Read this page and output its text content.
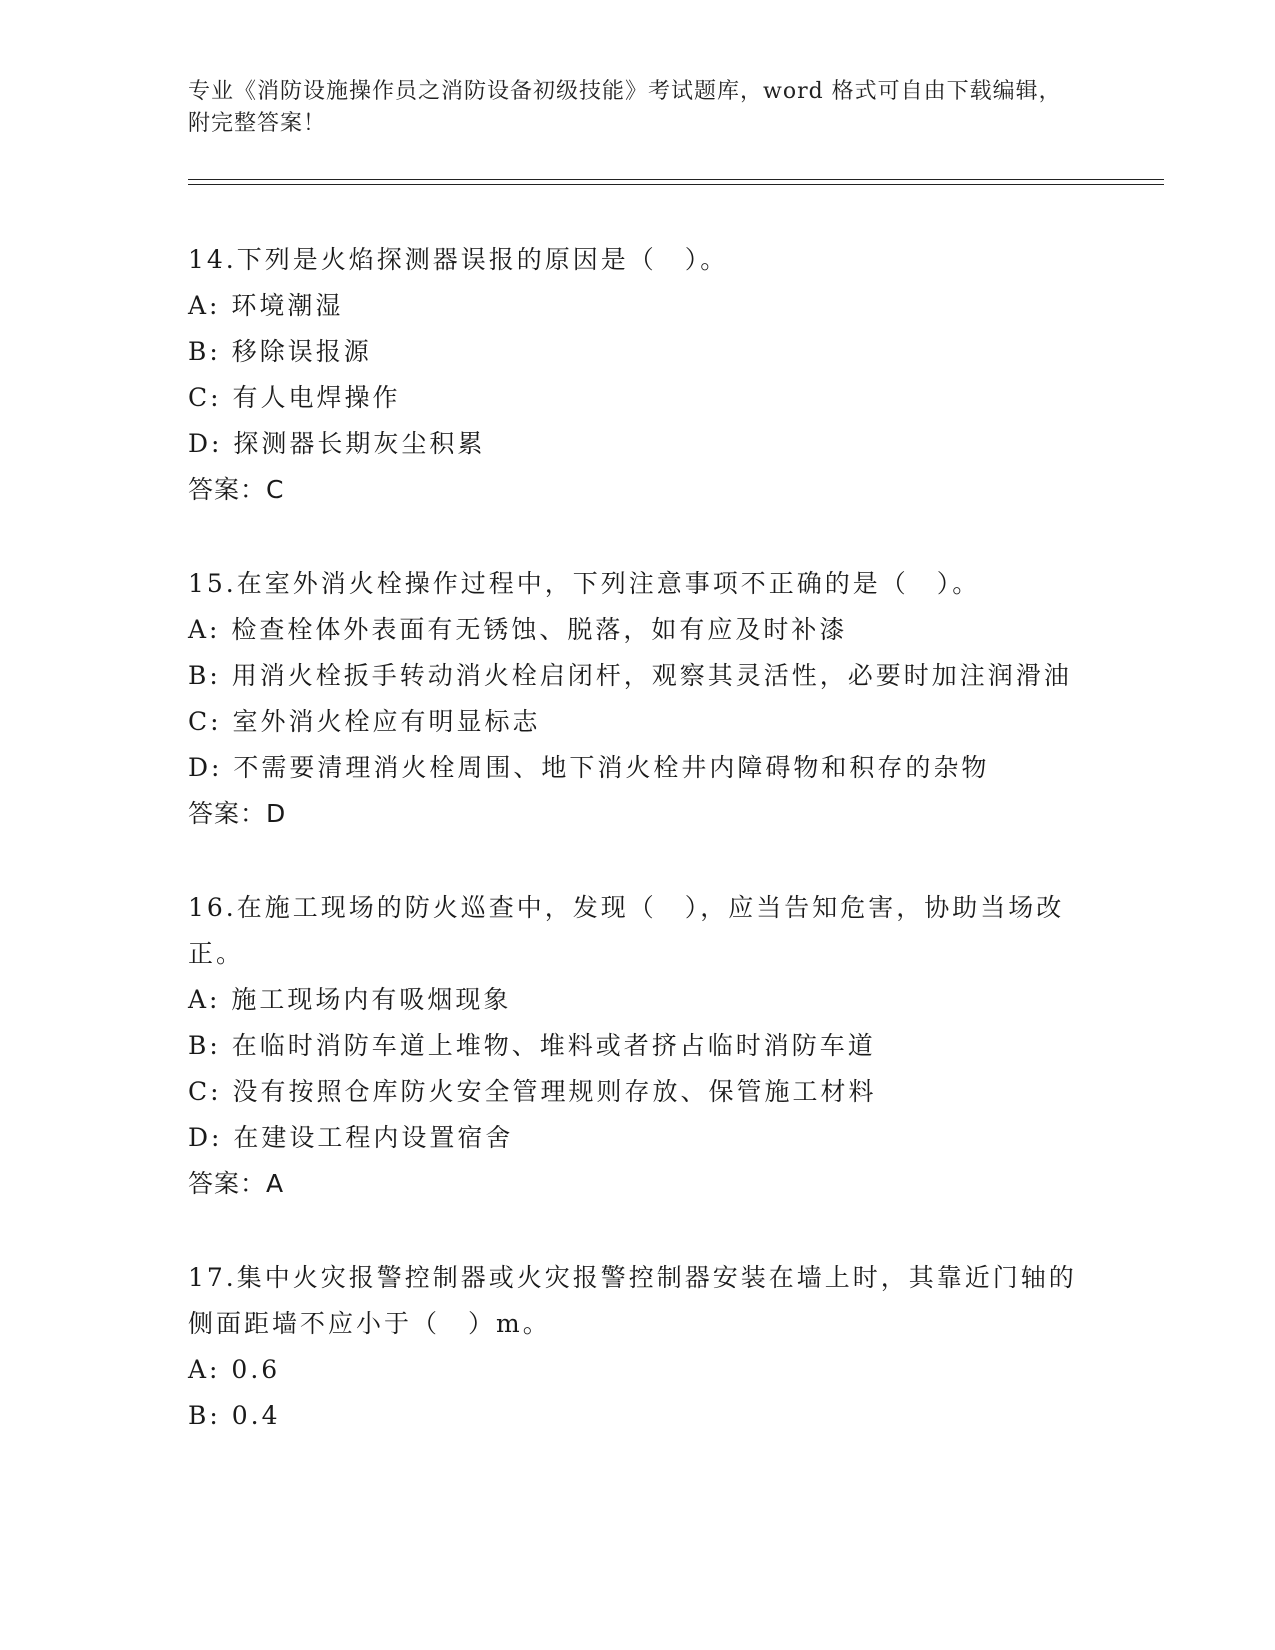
专业《消防设施操作员之消防设备初级技能》考试题库，word 格式可自由下载编辑，附完整答案！

14.下列是火焰探测器误报的原因是（　）。

A: 环境潮湿

B: 移除误报源

C: 有人电焊操作

D: 探测器长期灰尘积累

答案：C

15.在室外消火栓操作过程中，下列注意事项不正确的是（　）。

A: 检查栓体外表面有无锈蚀、脱落，如有应及时补漆

B: 用消火栓扳手转动消火栓启闭杆，观察其灵活性，必要时加注润滑油

C: 室外消火栓应有明显标志

D: 不需要清理消火栓周围、地下消火栓井内障碍物和积存的杂物

答案：D

16.在施工现场的防火巡查中，发现（　），应当告知危害，协助当场改正。

A: 施工现场内有吸烟现象

B: 在临时消防车道上堆物、堆料或者挤占临时消防车道

C: 没有按照仓库防火安全管理规则存放、保管施工材料

D: 在建设工程内设置宿舍

答案：A

17.集中火灾报警控制器或火灾报警控制器安装在墙上时，其靠近门轴的侧面距墙不应小于（　）m。

A: 0.6

B: 0.4
